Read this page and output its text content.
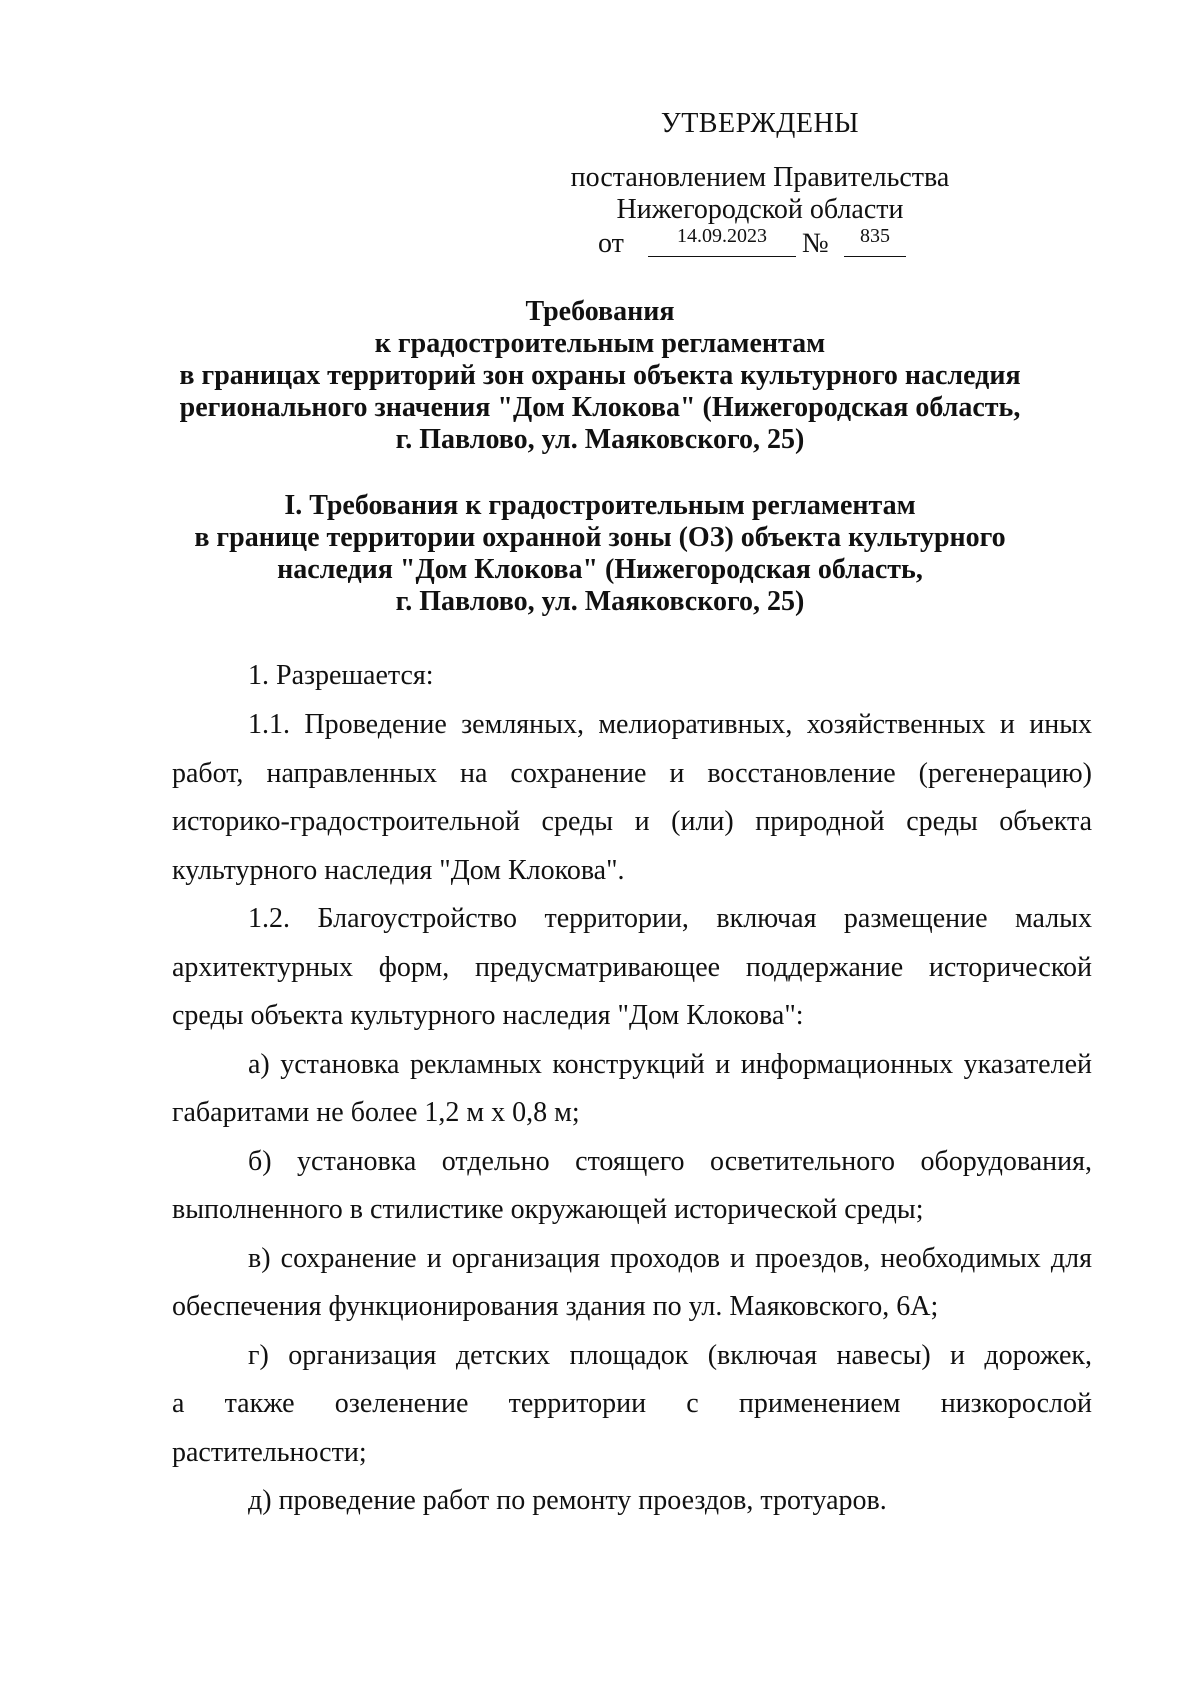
УТВЕРЖДЕНЫ
постановлением Правительства
Нижегородской области
от	14.09.2023	№	835
Требования
к градостроительным регламентам
в границах территорий зон охраны объекта культурного наследия
регионального значения "Дом Клокова" (Нижегородская область,
г. Павлово, ул. Маяковского, 25)
I. Требования к градостроительным регламентам
в границе территории охранной зоны (ОЗ) объекта культурного
наследия "Дом Клокова" (Нижегородская область,
г. Павлово, ул. Маяковского, 25)

1. Разрешается:

1.1. Проведение земляных, мелиоративных, хозяйственных и иных работ, направленных на сохранение и восстановление (регенерацию) историко-градостроительной среды и (или) природной среды объекта культурного наследия "Дом Клокова".

1.2. Благоустройство территории, включая размещение малых архитектурных форм, предусматривающее поддержание исторической среды объекта культурного наследия "Дом Клокова":

а) установка рекламных конструкций и информационных указателей габаритами не более 1,2 м х 0,8 м;

б) установка отдельно стоящего осветительного оборудования, выполненного в стилистике окружающей исторической среды;

в) сохранение и организация проходов и проездов, необходимых для обеспечения функционирования здания по ул. Маяковского, 6А;

г) организация детских площадок (включая навесы) и дорожек,
а также озеленение территории с применением низкорослой
растительности;

д) проведение работ по ремонту проездов, тротуаров.
